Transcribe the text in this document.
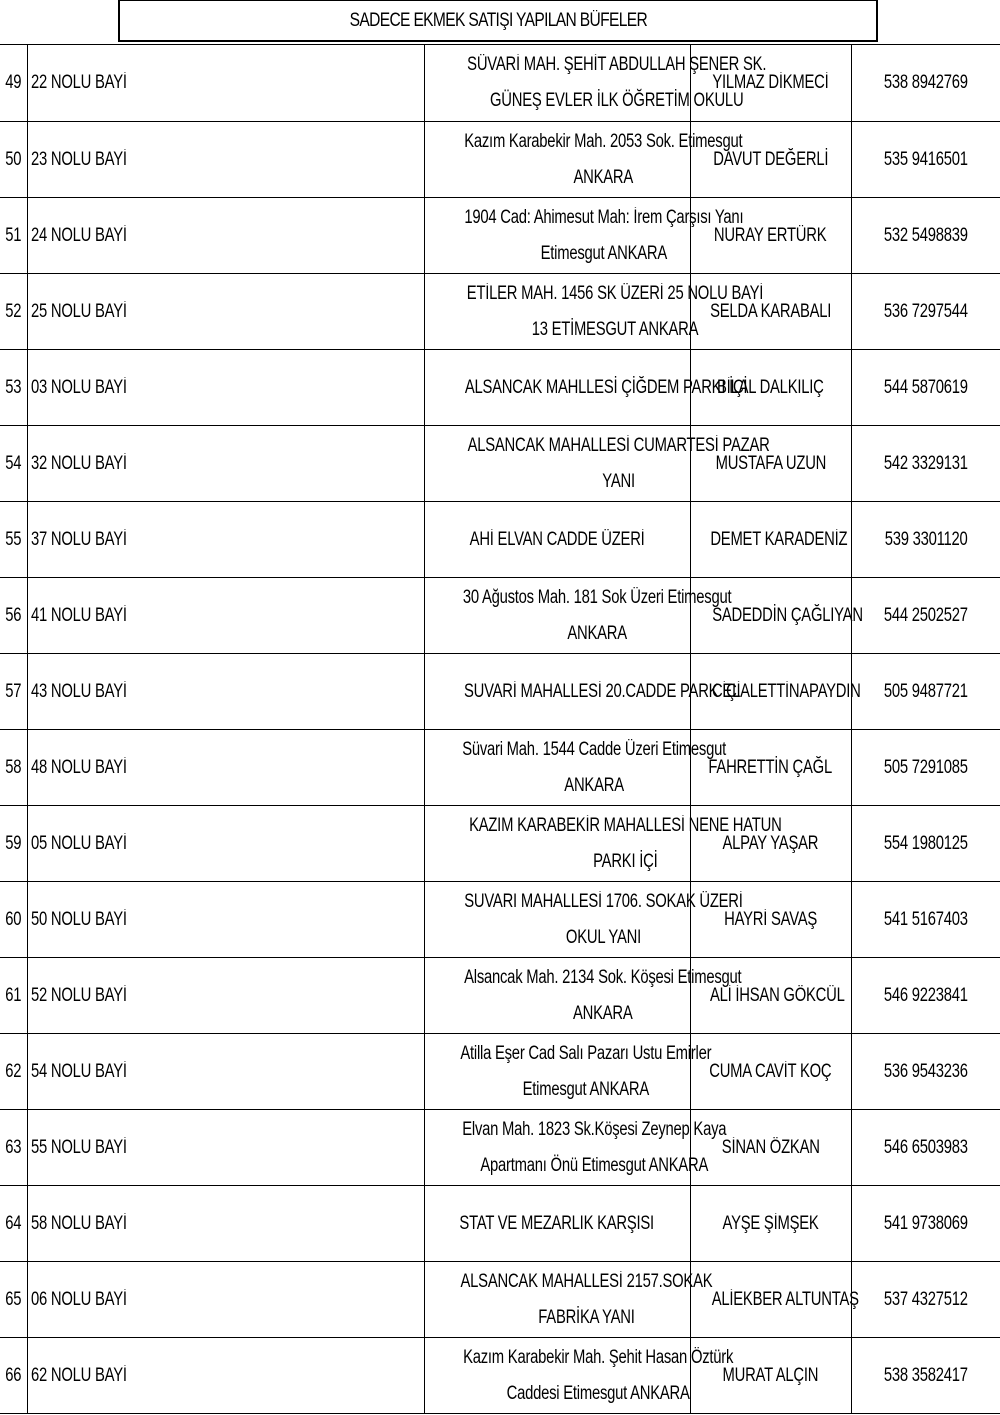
SADECE EKMEK SATIŞI YAPILAN BÜFELER
49	22 NOLU BAYİ	SÜVARİ MAH. ŞEHİT ABDULLAH ŞENER SK.
GÜNEŞ EVLER İLK ÖĞRETİM OKULU	YILMAZ DİKMECİ	538 8942769
50	23 NOLU BAYİ	Kazım Karabekir Mah. 2053 Sok. Etimesgut
ANKARA	DAVUT DEĞERLİ	535 9416501
51	24 NOLU BAYİ	1904 Cad: Ahimesut Mah: İrem Çarşısı Yanı
Etimesgut ANKARA	NURAY ERTÜRK	532 5498839
52	25 NOLU BAYİ	ETİLER MAH. 1456 SK ÜZERİ 25 NOLU BAYİ
13 ETİMESGUT ANKARA	SELDA KARABALI	536 7297544
53	03 NOLU BAYİ	ALSANCAK MAHLLESİ ÇİĞDEM PARKI İÇİ	BİLAL DALKILIÇ	544 5870619
54	32 NOLU BAYİ	ALSANCAK MAHALLESİ CUMARTESİ PAZAR
YANI	MUSTAFA UZUN	542 3329131
55	37 NOLU BAYİ	AHİ ELVAN CADDE ÜZERİ	DEMET KARADENİZ	539 3301120
56	41 NOLU BAYİ	30 Ağustos Mah. 181 Sok Üzeri Etimesgut
ANKARA	SADEDDİN ÇAĞLIYAN	544 2502527
57	43 NOLU BAYİ	SUVARİ MAHALLESİ 20.CADDE PARK İÇİ	CELALETTİNAPAYDIN	505 9487721
58	48 NOLU BAYİ	Süvari Mah. 1544 Cadde Üzeri Etimesgut
ANKARA	FAHRETTİN ÇAĞL	505 7291085
59	05 NOLU BAYİ	KAZIM KARABEKİR MAHALLESİ NENE HATUN
PARKI İÇİ	ALPAY YAŞAR	554 1980125
60	50 NOLU BAYİ	SUVARI MAHALLESİ 1706. SOKAK ÜZERİ
OKUL YANI	HAYRİ SAVAŞ	541 5167403
61	52 NOLU BAYİ	Alsancak Mah. 2134 Sok. Köşesi Etimesgut
ANKARA	ALİ İHSAN GÖKCÜL	546 9223841
62	54 NOLU BAYİ	Atilla Eşer Cad Salı Pazarı Ustu Emirler
Etimesgut ANKARA	CUMA CAVİT KOÇ	536 9543236
63	55 NOLU BAYİ	Elvan Mah. 1823 Sk.Köşesi Zeynep Kaya
Apartmanı Önü Etimesgut ANKARA	SİNAN ÖZKAN	546 6503983
64	58 NOLU BAYİ	STAT VE MEZARLIK KARŞISI	AYŞE ŞİMŞEK	541 9738069
65	06 NOLU BAYİ	ALSANCAK MAHALLESİ 2157.SOKAK
FABRİKA YANI	ALİEKBER ALTUNTAŞ	537 4327512
66	62 NOLU BAYİ	Kazım Karabekir Mah. Şehit Hasan Öztürk
Caddesi Etimesgut ANKARA	MURAT ALÇIN	538 3582417
